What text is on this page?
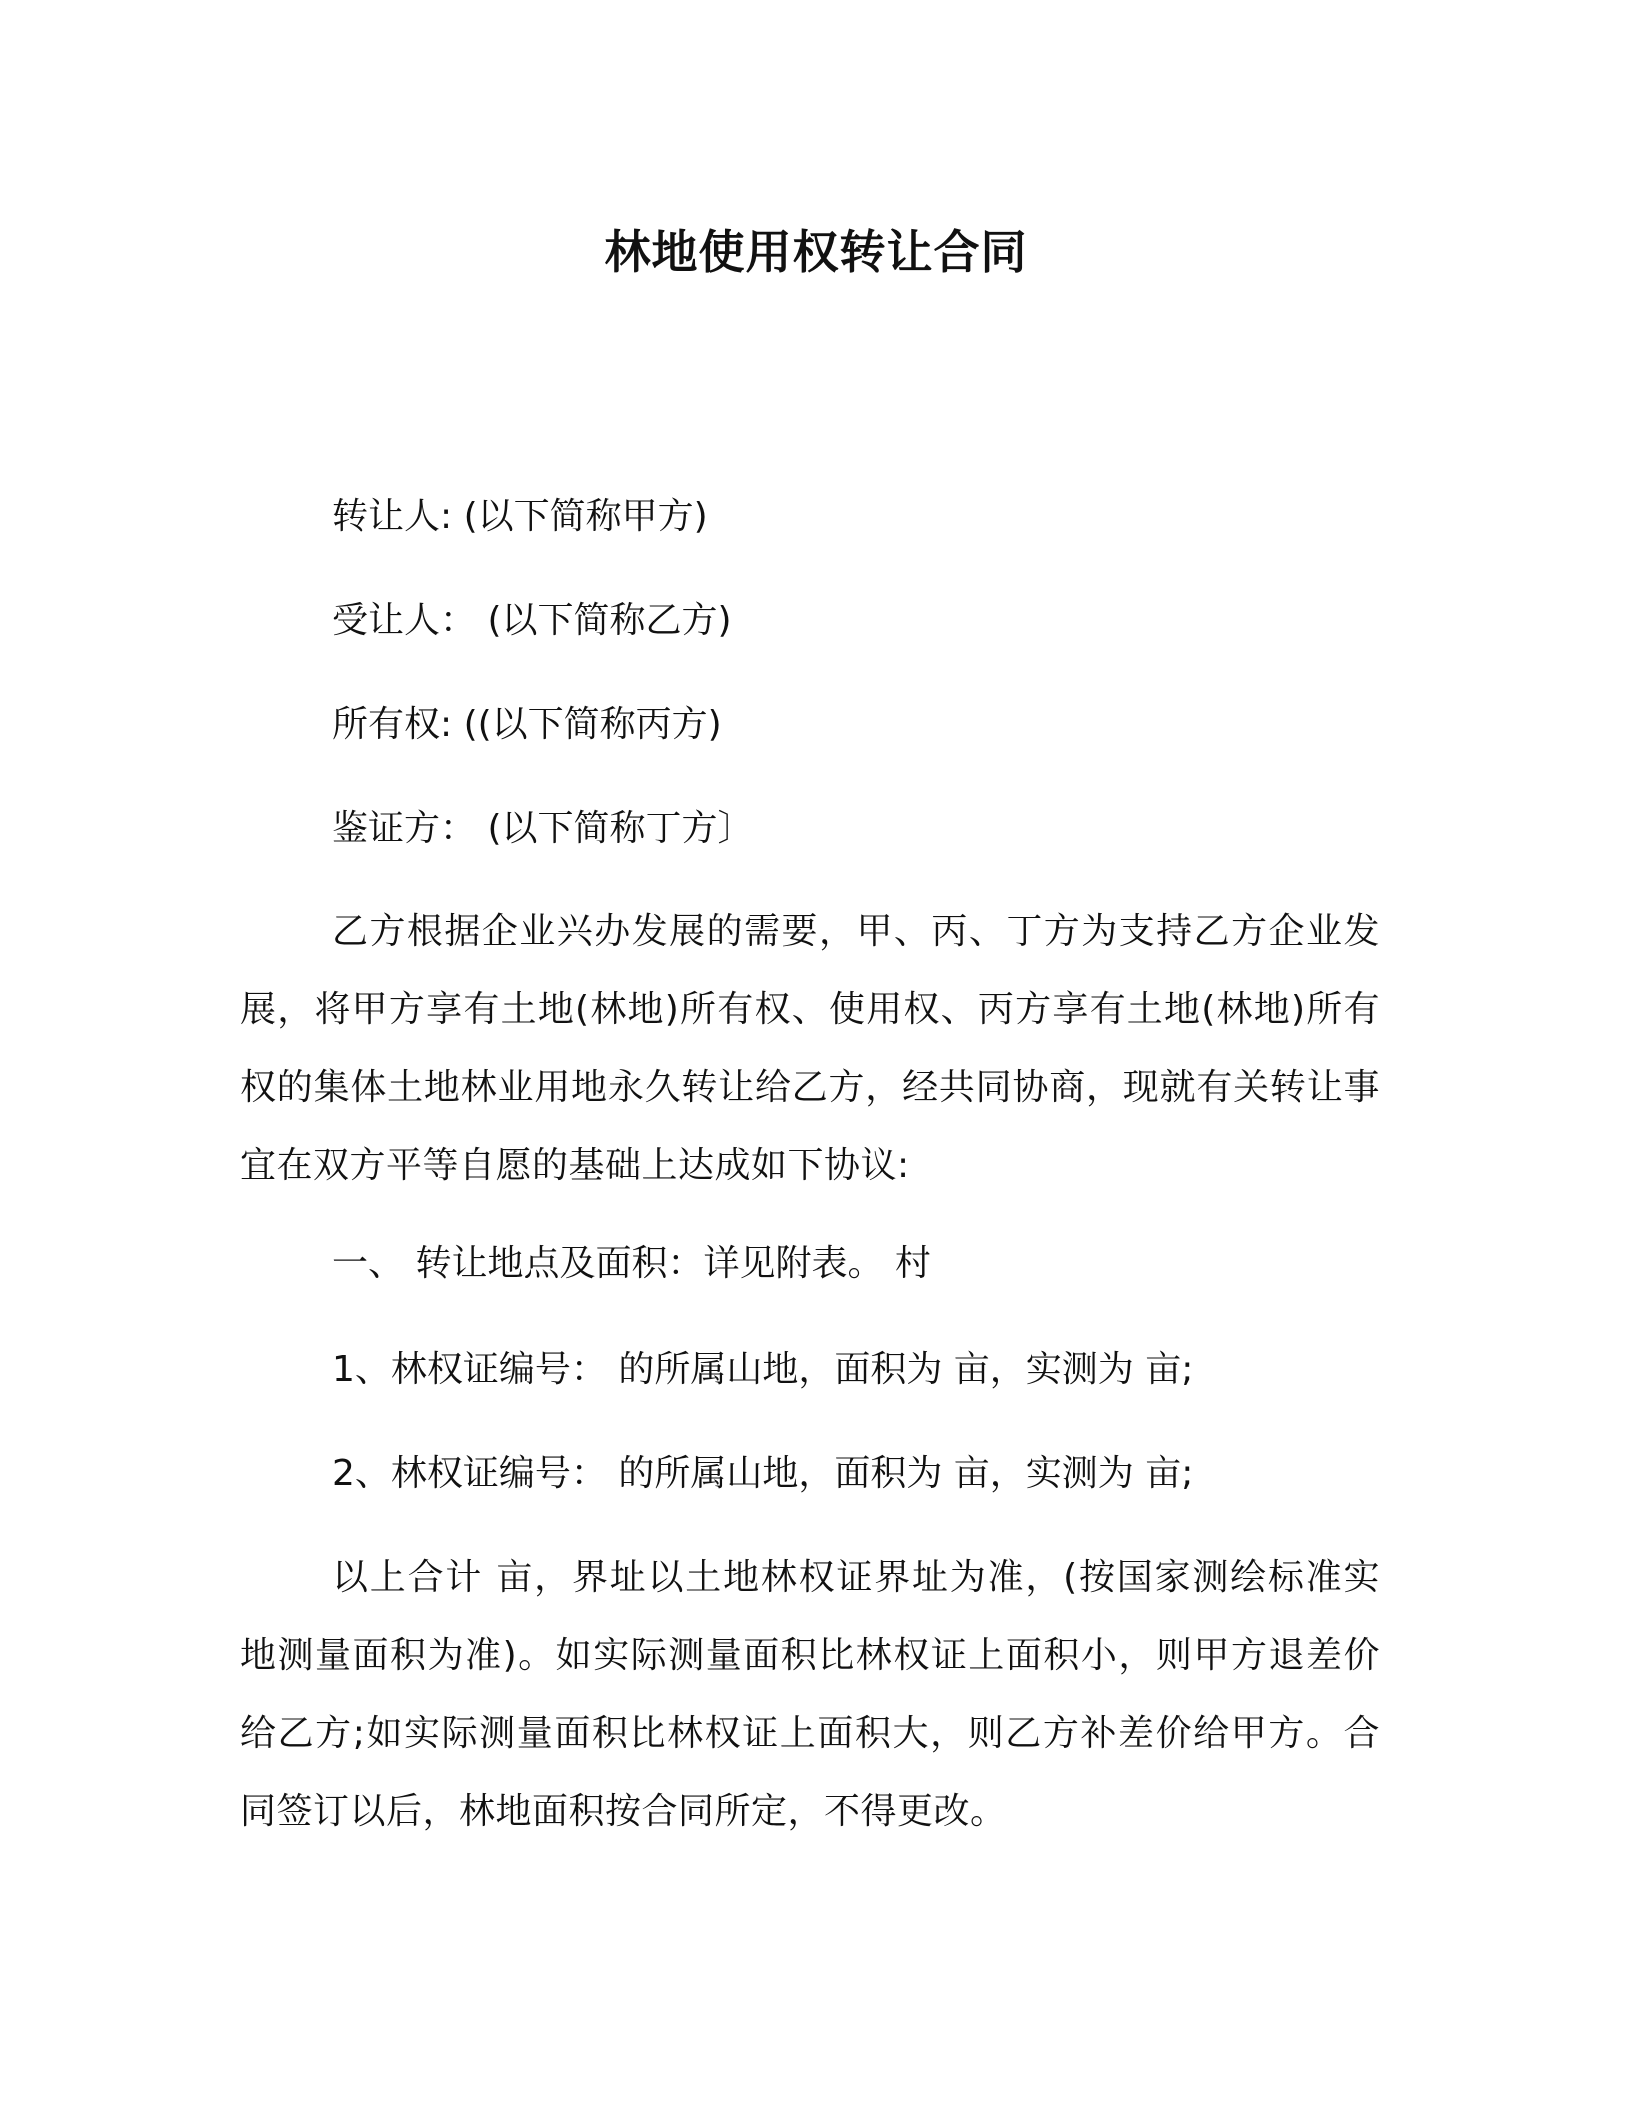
林地使用权转让合同
转让人: (以下简称甲方)
受让人： (以下简称乙方)
所有权: ((以下简称丙方)
鉴证方： (以下简称丁方〕
乙方根据企业兴办发展的需要，甲、丙、丁方为支持乙方企业发展，将甲方享有土地(林地)所有权、使用权、丙方享有土地(林地)所有权的集体土地林业用地永久转让给乙方，经共同协商，现就有关转让事宜在双方平等自愿的基础上达成如下协议:
一、 转让地点及面积：详见附表。 村
1、林权证编号： 的所属山地，面积为 亩，实测为 亩;
2、林权证编号： 的所属山地，面积为 亩，实测为 亩;
以上合计 亩，界址以土地林权证界址为准，(按国家测绘标准实地测量面积为准)。如实际测量面积比林权证上面积小，则甲方退差价给乙方;如实际测量面积比林权证上面积大，则乙方补差价给甲方。合同签订以后，林地面积按合同所定，不得更改。
